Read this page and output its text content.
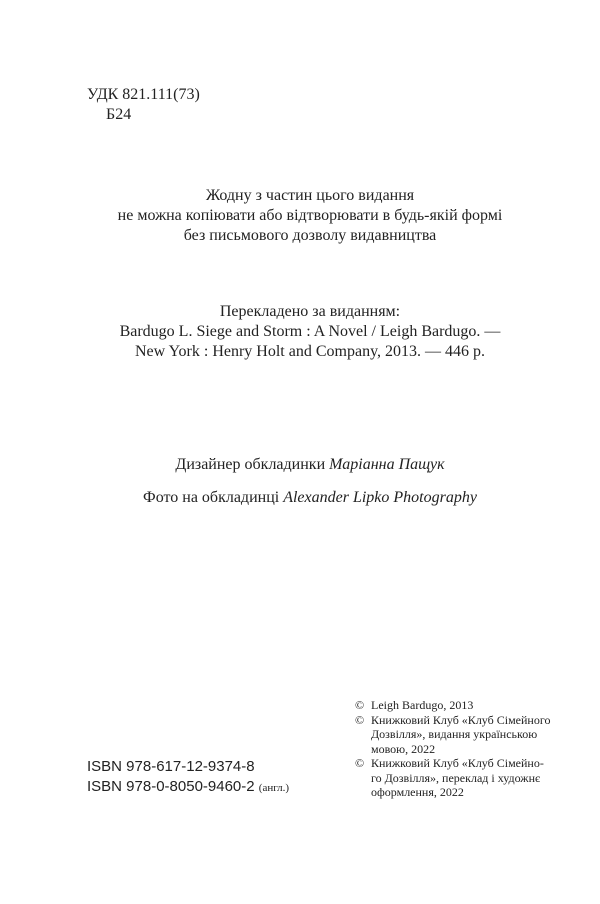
УДК 821.111(73)
Б24
Жодну з частин цього видання
не можна копіювати або відтворювати в будь-якій формі
без письмового дозволу видавництва
Перекладено за виданням:
Bardugo L. Siege and Storm : A Novel / Leigh Bardugo. —
New York : Henry Holt and Company, 2013. — 446 p.
Дизайнер обкладинки Маріанна Пащук
Фото на обкладинці Alexander Lipko Photography
ISBN 978-617-12-9374-8
ISBN 978-0-8050-9460-2 (англ.)
© Leigh Bardugo, 2013
© Книжковий Клуб «Клуб Сімейного
Дозвілля», видання українською
мовою, 2022
© Книжковий Клуб «Клуб Сімейно-
го Дозвілля», переклад і художнє
оформлення, 2022
